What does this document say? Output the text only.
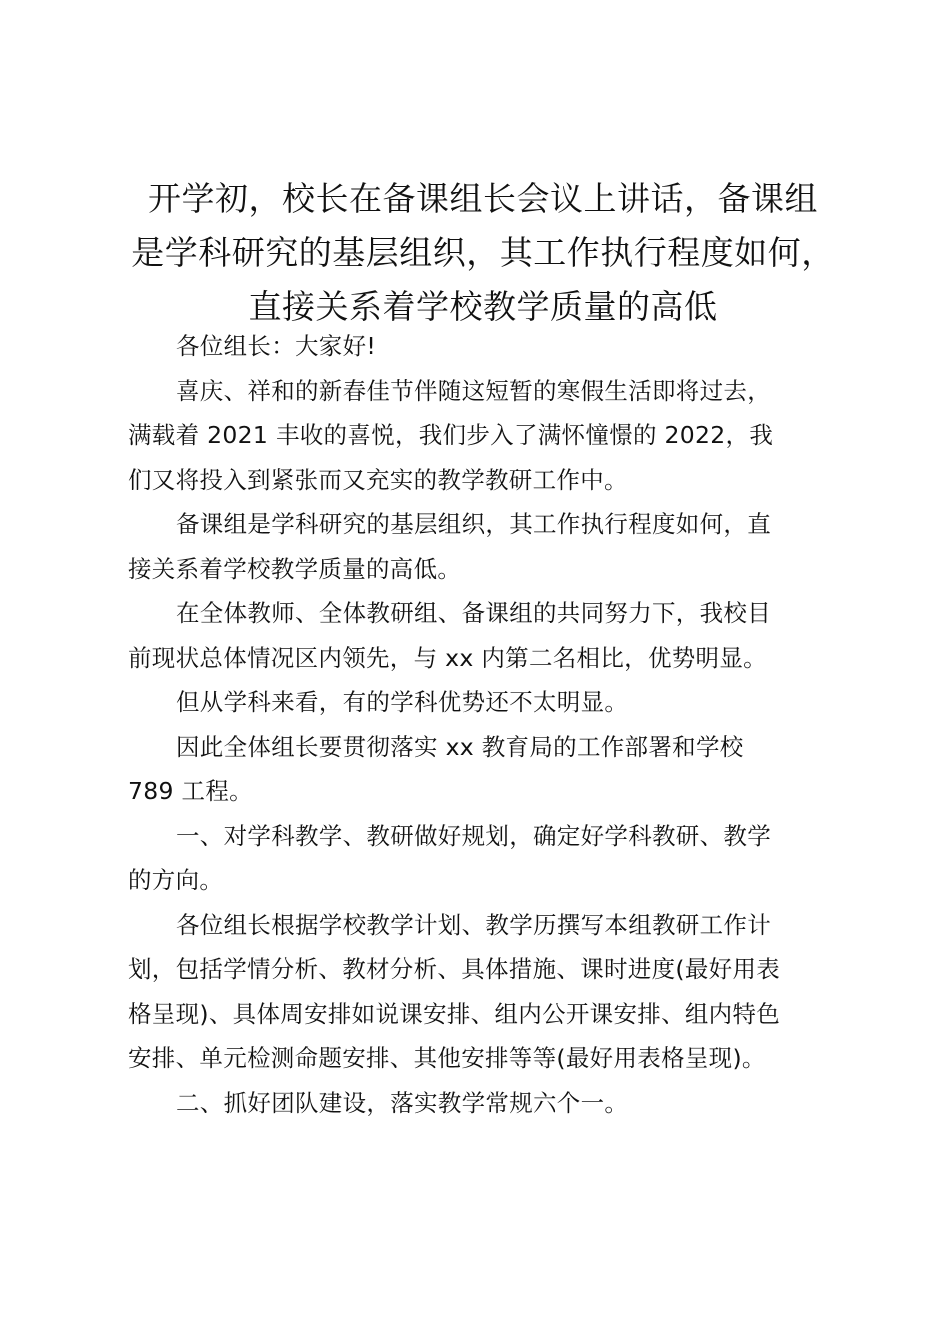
开学初，校长在备课组长会议上讲话，备课组
是学科研究的基层组织，其工作执行程度如何，
直接关系着学校教学质量的高低

各位组长：大家好!

喜庆、祥和的新春佳节伴随这短暂的寒假生活即将过去，
满载着 2021 丰收的喜悦，我们步入了满怀憧憬的 2022，我
们又将投入到紧张而又充实的教学教研工作中。

备课组是学科研究的基层组织，其工作执行程度如何，直
接关系着学校教学质量的高低。

在全体教师、全体教研组、备课组的共同努力下，我校目
前现状总体情况区内领先，与 xx 内第二名相比，优势明显。

但从学科来看，有的学科优势还不太明显。

因此全体组长要贯彻落实 xx 教育局的工作部署和学校
789 工程。

一、对学科教学、教研做好规划，确定好学科教研、教学
的方向。

各位组长根据学校教学计划、教学历撰写本组教研工作计
划，包括学情分析、教材分析、具体措施、课时进度(最好用表
格呈现)、具体周安排如说课安排、组内公开课安排、组内特色
安排、单元检测命题安排、其他安排等等(最好用表格呈现)。

二、抓好团队建设，落实教学常规六个一。
